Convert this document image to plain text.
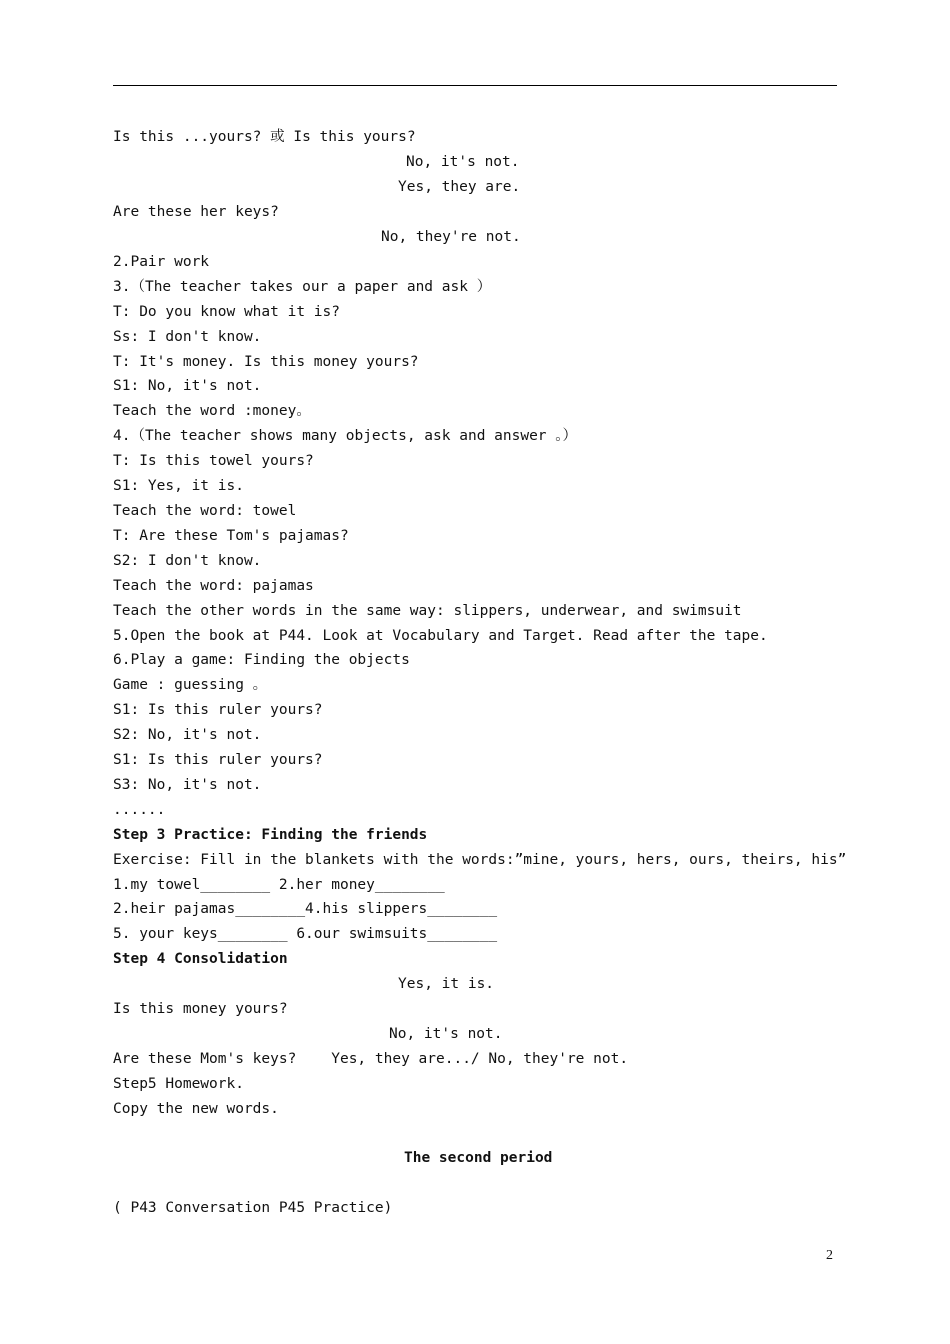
Is this ...yours? 或 Is this yours?
No, it's not.
Yes, they are.
Are these her keys?
No, they're not.
2.Pair work
3.（The teacher takes our a paper and ask ）
T: Do you know what it is?
Ss: I don't know.
T: It's money. Is this money yours?
S1: No, it's not.
Teach the word :money。
4.（The teacher shows many objects, ask and answer 。）
T: Is this towel yours?
S1: Yes, it is.
Teach the word: towel
T: Are these Tom's pajamas?
S2: I don't know.
Teach the word: pajamas
Teach the other words in the same way: slippers, underwear, and swimsuit
5.Open the book at P44. Look at Vocabulary and Target. Read after the tape.
6.Play a game: Finding the objects
Game : guessing 。
S1: Is this ruler yours?
S2: No, it's not.
S1: Is this ruler yours?
S3: No, it's not.
......
Step 3 Practice: Finding the friends
Exercise: Fill in the blankets with the words:”mine, yours, hers, ours, theirs, his”
1.my towel________ 2.her money________
2.heir pajamas________4.his slippers________
5. your keys________ 6.our swimsuits________
Step 4 Consolidation
Yes, it is.
Is this money yours?
No, it's not.
Are these Mom's keys?    Yes, they are.../ No, they're not.
Step5 Homework.
Copy the new words.
The second period
( P43 Conversation P45 Practice)
2
